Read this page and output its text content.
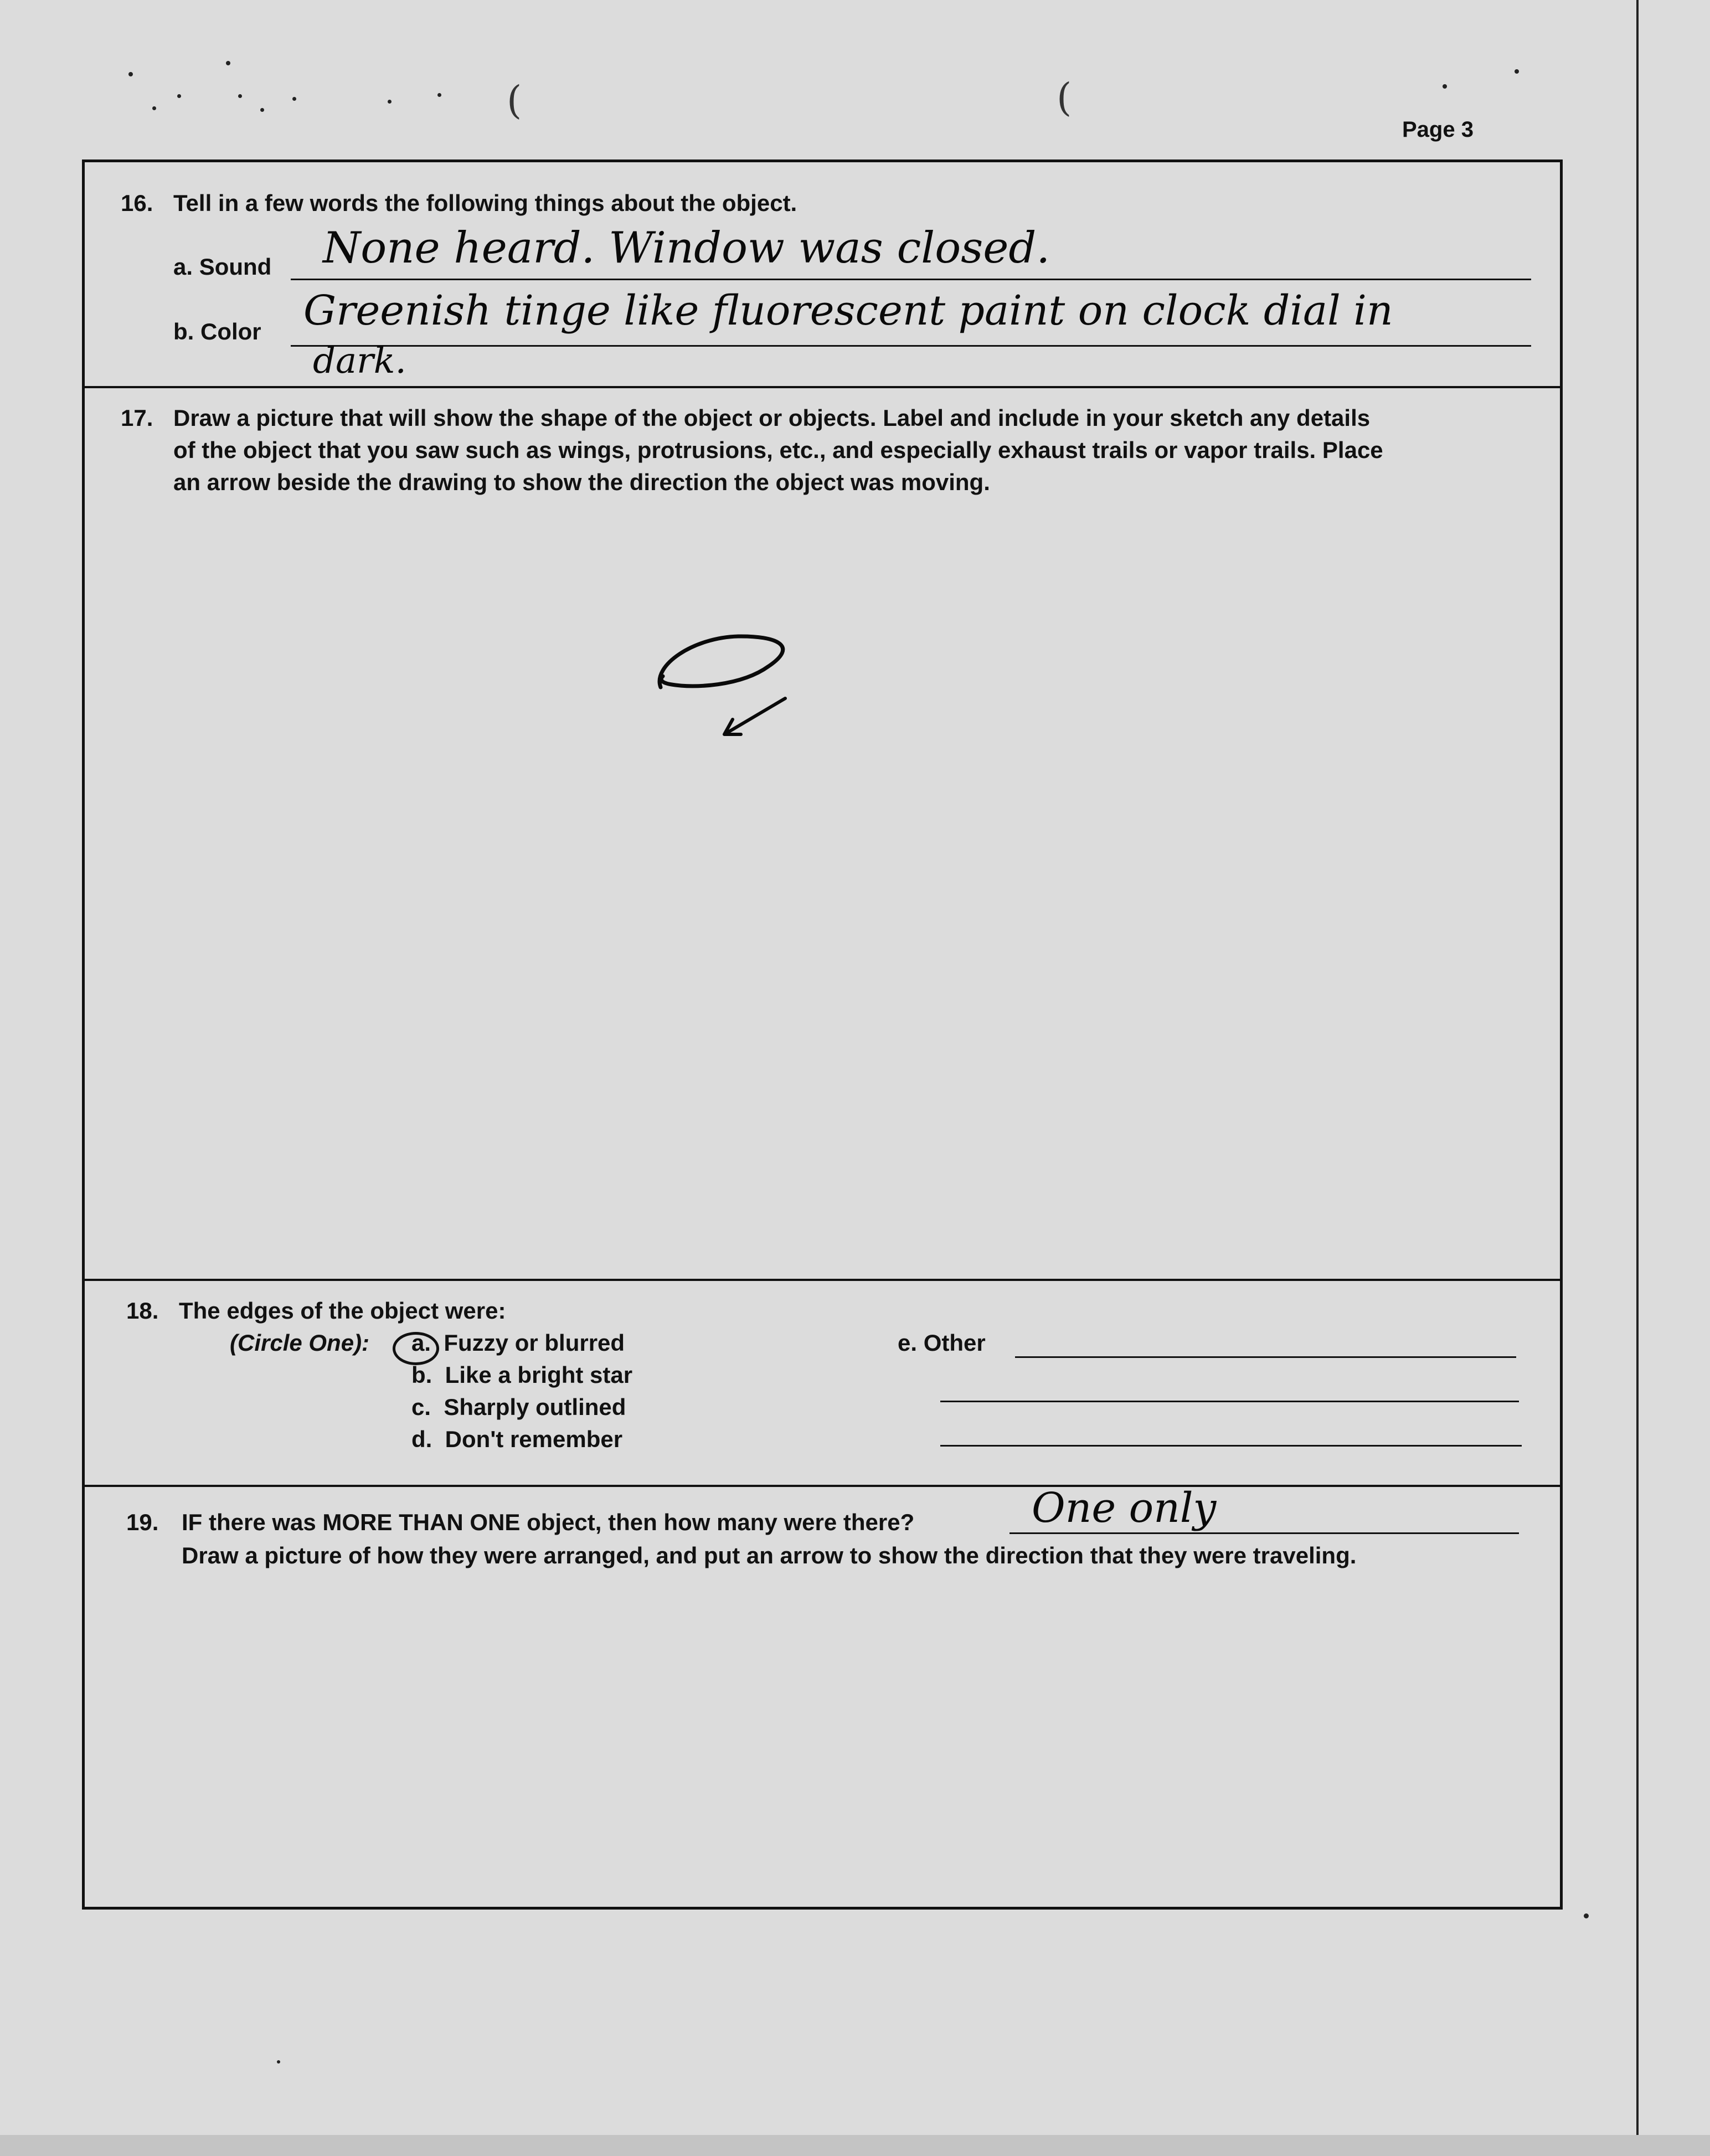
(	(
Page 3
16. Tell in a few words the following things about the object.
a. Sound None heard. Window was closed.
b. Color Greenish tinge like fluorescent paint on clock dial in
dark.
17. Draw a picture that will show the shape of the object or objects. Label and include in your sketch any details
of the object that you saw such as wings, protrusions, etc., and especially exhaust trails or vapor trails. Place
an arrow beside the drawing to show the direction the object was moving.
18. The edges of the object were:
(Circle One): a. Fuzzy or blurred
b. Like a bright star
c. Sharply outlined
d. Don't remember
e. Other
19. IF there was MORE THAN ONE object, then how many were there?	One only
Draw a picture of how they were arranged, and put an arrow to show the direction that they were traveling.
